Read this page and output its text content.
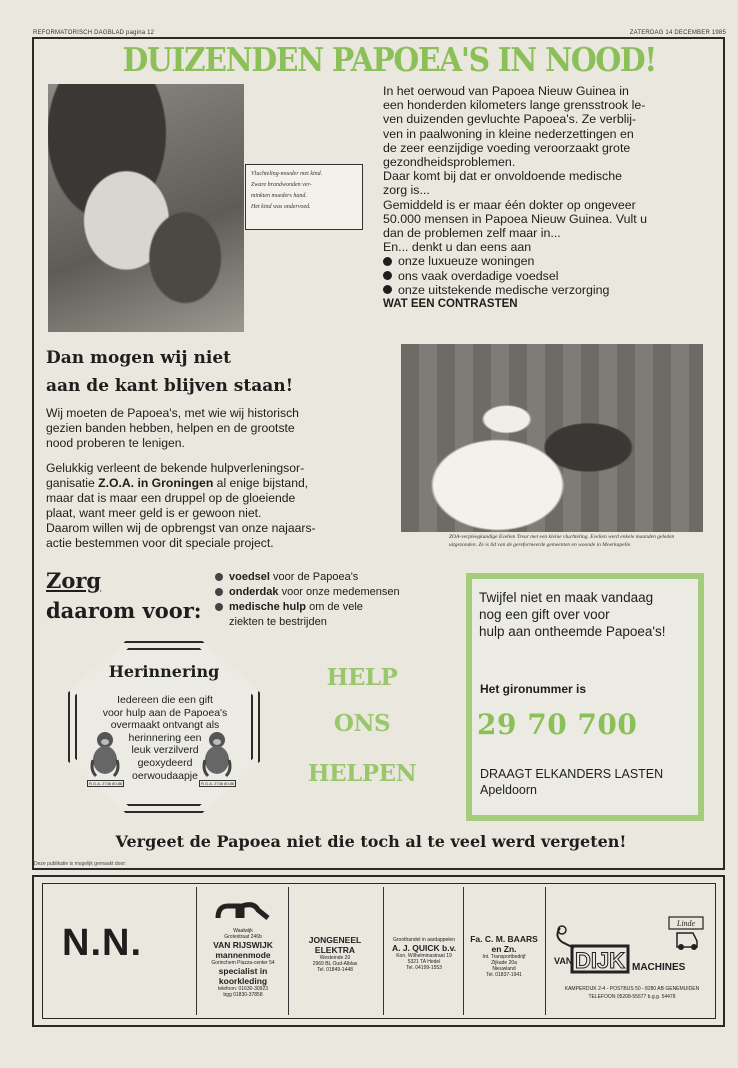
REFORMATORISCH DAGBLAD pagina 12	ZATERDAG 14 DECEMBER 1985
DUIZENDEN PAPOEA'S IN NOOD!
Vluchteling-moeder met kind.
Zware brandwonden ver-
minkten moeders hand.
Het kind was ondervoed.

In het oerwoud van Papoea Nieuw Guinea in

een honderden kilometers lange grensstrook le-

ven duizenden gevluchte Papoea's. Ze verblij-

ven in paalwoning in kleine nederzettingen en

de zeer eenzijdige voeding veroorzaakt grote

gezondheidsproblemen.

Daar komt bij dat er onvoldoende medische

zorg is...

Gemiddeld is er maar één dokter op ongeveer

50.000 mensen in Papoea Nieuw Guinea. Vult u

dan de problemen zelf maar in...

En... denkt u dan eens aan

onze luxueuze woningen
ons vaak overdadige voedsel
onze uitstekende medische verzorging

WAT EEN CONTRASTEN

Dan mogen wij niet
aan de kant blijven staan!

Wij moeten de Papoea's, met wie wij historisch

gezien banden hebben, helpen en de grootste

nood proberen te lenigen.

Gelukkig verleent de bekende hulpverleningsor-

ganisatie Z.O.A. in Groningen al enige bijstand,

maar dat is maar een druppel op de gloeiende

plaat, want meer geld is er gewoon niet.

Daarom willen wij de opbrengst van onze najaars-

actie bestemmen voor dit speciale project.	ZOA-verpleegkundige Evelien Treur met een kleine vluchteling. Evelien werd enkele maanden geleden uitgezonden. Ze is lid van de gereformeerde gemeenten en woonde in Moerkapelle.
Zorg
daarom voor:
voedsel voor de Papoea's
onderdak voor onze medemensen
medische hulp om de vele
ziekten te bestrijden
Herinnering
Iedereen die een gift
voor hulp aan de Papoea's
overmaakt ontvangt als
herinnering een
leuk verzilverd
geoxydeerd
oerwoudaapje
R.G.A. 2736 80.86	R.G.A. 2736 80.86
HELP
ONS
HELPEN
Twijfel niet en maak vandaag
nog een gift over voor
hulp aan ontheemde Papoea's!
Het gironummer is
29 70 700
DRAAGT ELKANDERS LASTEN
Apeldoorn
Vergeet de Papoea niet die toch al te veel werd vergeten!
Deze publikatie is mogelijk gemaakt door:
N.N.	Waalwijk
Grotestraat 246b
VAN RIJSWIJK
mannenmode
Gorinchem Piazza-center 54
specialist in
koorkleding
telefoon: 01630-30923
bgg 01830-37858
JONGENEEL
ELEKTRA
Westeinde 20
2969 BL Oud-Alblas
Tel. 01849-1448
Groothandel in aardappelen
A. J. QUICK b.v.
Kon. Wilhelminastraat 19
5321 TA Hedel
Tel. 04199-1553
Fa. C. M. BAARS
en Zn.
Int. Transportbedrijf
Zijkade 20a
Nieuwland
Tel. 01837-1941
Linde
VAN DIJK MACHINES
KAMPERDIJK 2-4 - POSTBUS 50 - 8280 AB GENEMUIDEN
TELEFOON 05208-55677 b.g.g. 54478
